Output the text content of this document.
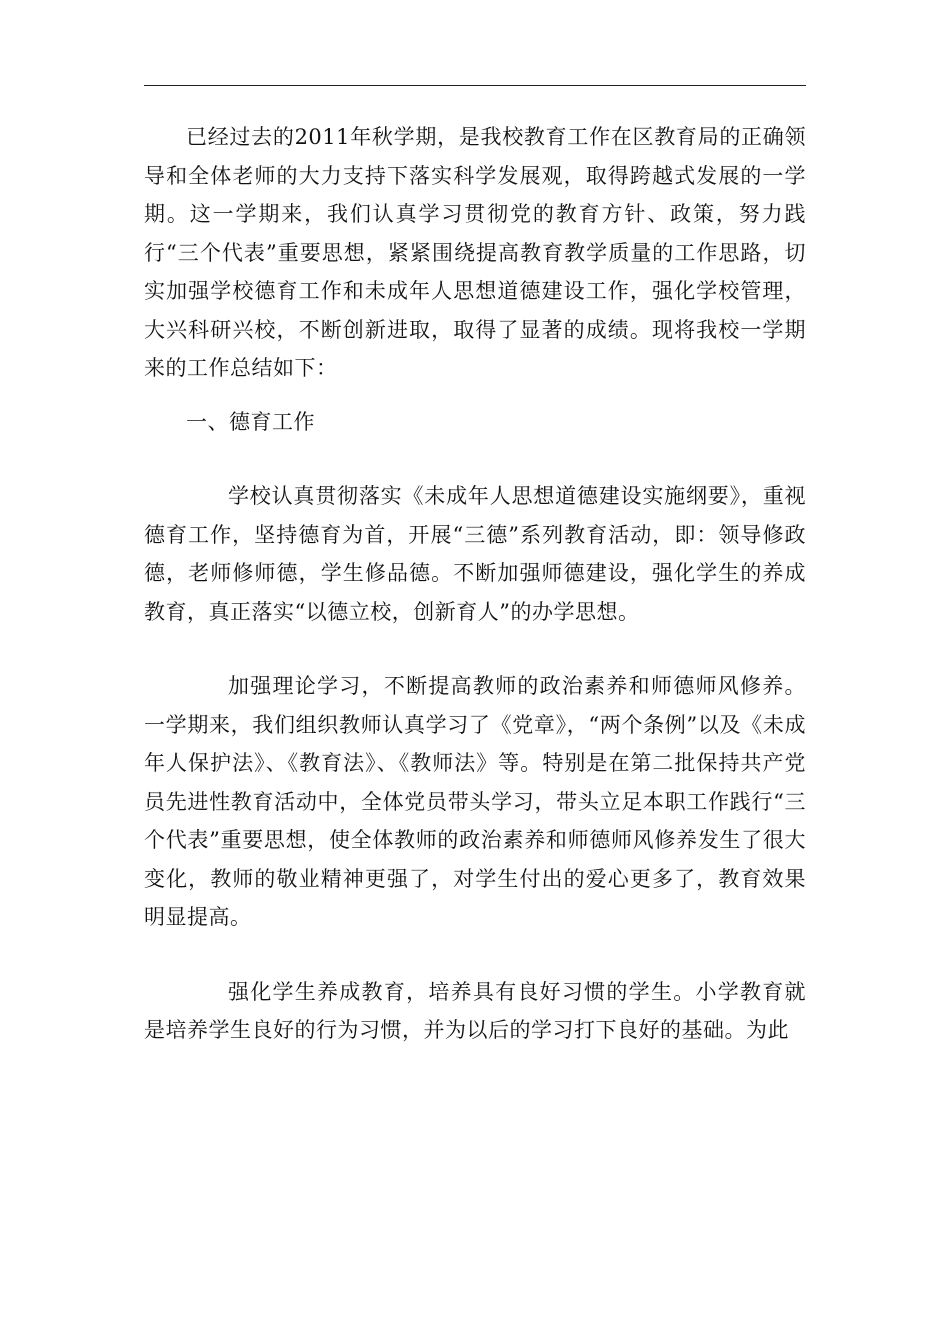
已经过去的2011年秋学期，是我校教育工作在区教育局的正确领导和全体老师的大力支持下落实科学发展观，取得跨越式发展的一学期。这一学期来，我们认真学习贯彻党的教育方针、政策，努力践行“三个代表”重要思想，紧紧围绕提高教育教学质量的工作思路，切实加强学校德育工作和未成年人思想道德建设工作，强化学校管理，大兴科研兴校，不断创新进取，取得了显著的成绩。现将我校一学期来的工作总结如下：

一、德育工作

学校认真贯彻落实《未成年人思想道德建设实施纲要》，重视德育工作，坚持德育为首，开展“三德”系列教育活动，即：领导修政德，老师修师德，学生修品德。不断加强师德建设，强化学生的养成教育，真正落实“以德立校，创新育人”的办学思想。

加强理论学习，不断提高教师的政治素养和师德师风修养。一学期来，我们组织教师认真学习了《党章》，“两个条例”以及《未成年人保护法》、《教育法》、《教师法》等。特别是在第二批保持共产党员先进性教育活动中，全体党员带头学习，带头立足本职工作践行“三个代表”重要思想，使全体教师的政治素养和师德师风修养发生了很大变化，教师的敬业精神更强了，对学生付出的爱心更多了，教育效果明显提高。

强化学生养成教育，培养具有良好习惯的学生。小学教育就是培养学生良好的行为习惯，并为以后的学习打下良好的基础。为此
